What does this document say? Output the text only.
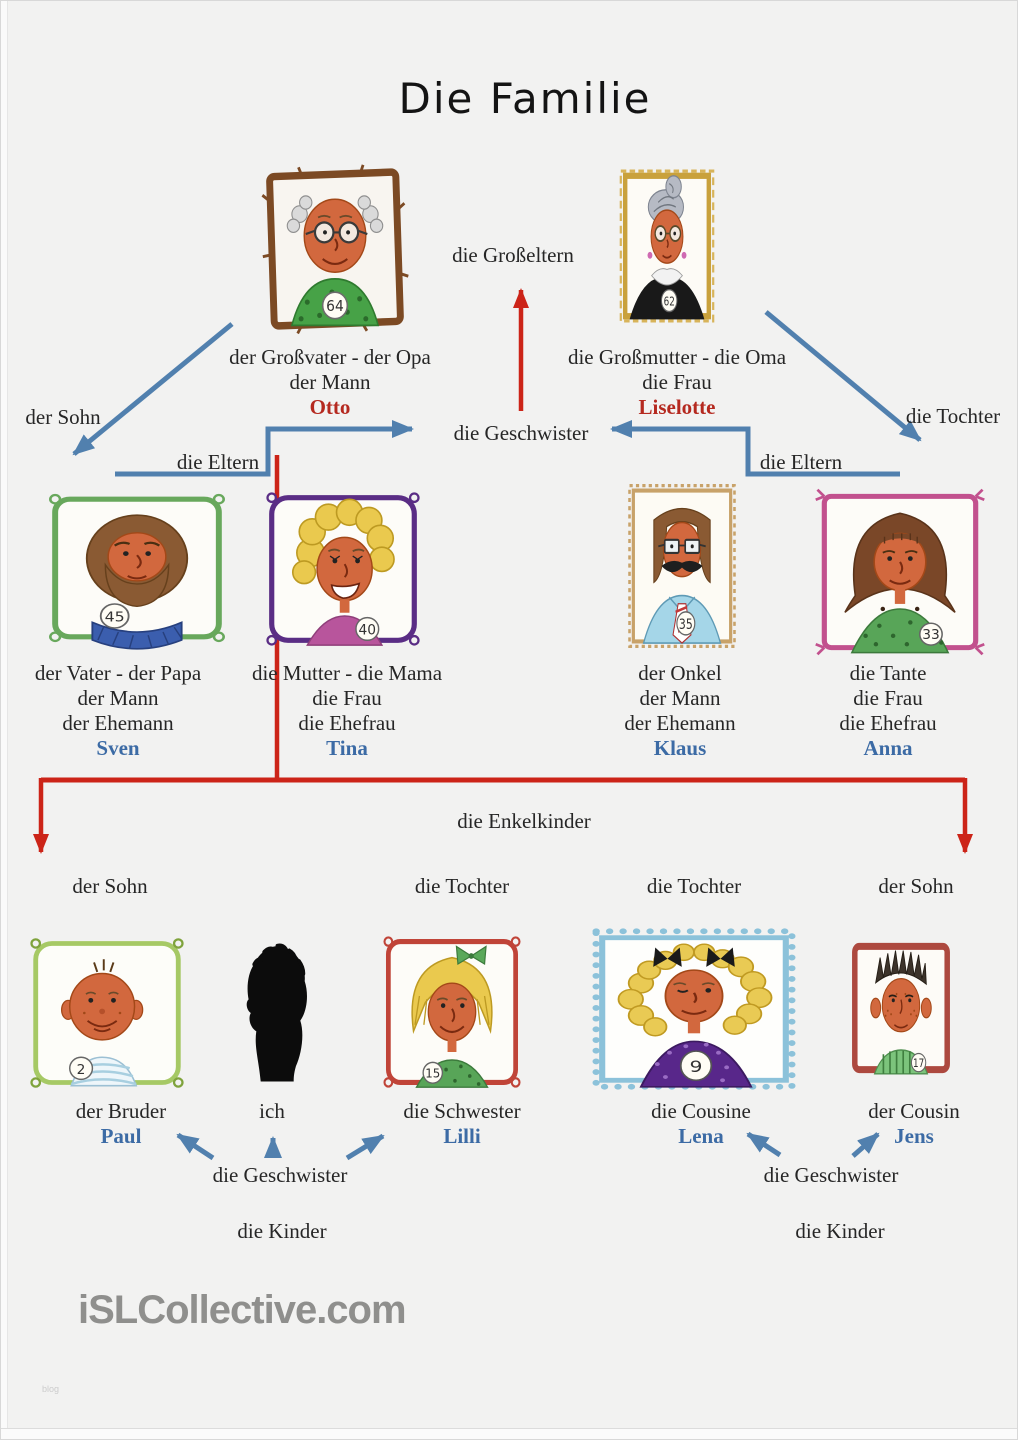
Die Familie
64	62
45
40	35
33
2	15	9	17
die Großeltern
der Sohn	die Tochter
die Geschwister
die Eltern	die Eltern
die Enkelkinder
der Sohn	die Tochter	die Tochter	der Sohn
die Geschwister	die Geschwister
die Kinder	die Kinder
der Großvater - der Opa
der Mann
Otto
die Großmutter - die Oma
die Frau
Liselotte
der Vater - der Papa
der Mann
der Ehemann
Sven
die Mutter - die Mama
die Frau
die Ehefrau
Tina
der Onkel
der Mann
der Ehemann
Klaus
die Tante
die Frau
die Ehefrau
Anna
der Bruder
Paul
ich	die Schwester
Lilli
die Cousine
Lena
der Cousin
Jens
iSLCollective.com
blog
